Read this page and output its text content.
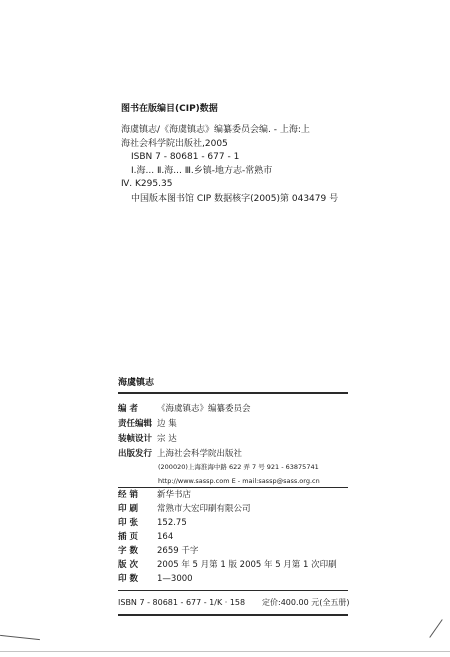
图书在版编目(CIP)数据
海虞镇志/《海虞镇志》编纂委员会编. - 上海:上
海社会科学院出版社,2005
ISBN 7 - 80681 - 677 - 1
Ⅰ.海... Ⅱ.海... Ⅲ.乡镇-地方志-常熟市
Ⅳ. K295.35
中国版本图书馆 CIP 数据核字(2005)第 043479 号
海虞镇志
编 者 《海虞镇志》编纂委员会
责任编辑 边 集
装帧设计 宗 达
出版发行 上海社会科学院出版社
(200020)上海淮海中路 622 弄 7 号 921 - 63875741
http://www.sassp.com E - mail:sassp@sass.org.cn
经 销	新华书店
印 刷	常熟市大宏印刷有限公司
印 张	152.75
插 页	164
字 数	2659 千字
版 次	2005 年 5 月第 1 版 2005 年 5 月第 1 次印刷
印 数	1—3000
ISBN 7 - 80681 - 677 - 1/K · 158 定价:400.00 元(全五册)
